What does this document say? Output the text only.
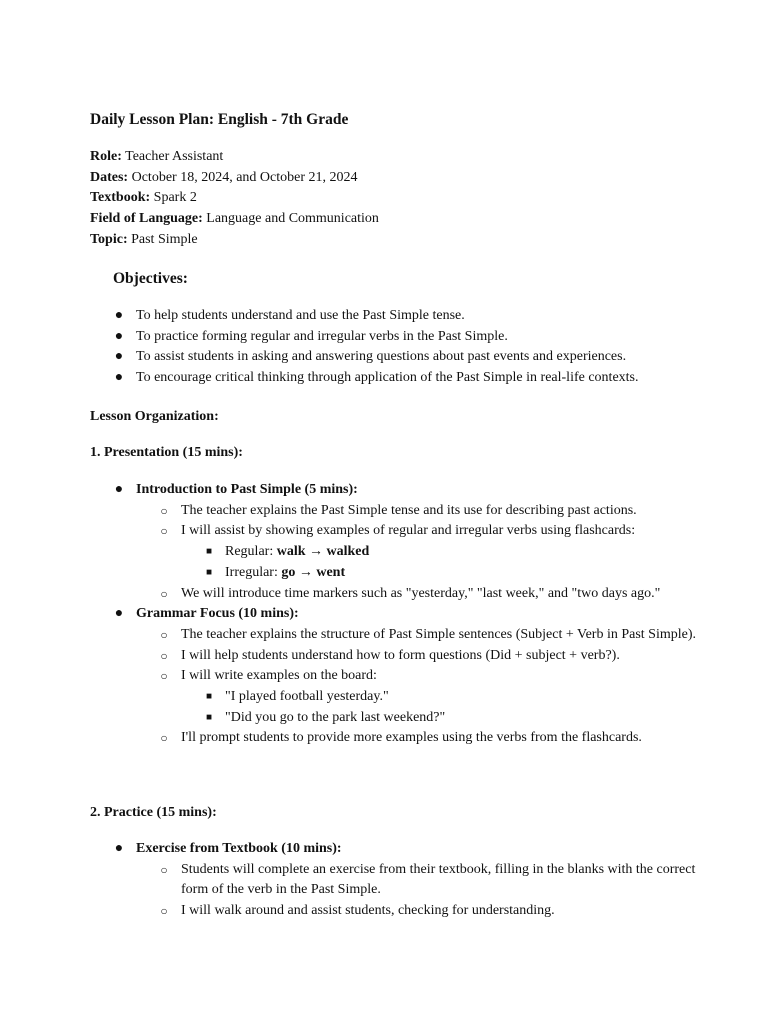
Daily Lesson Plan: English - 7th Grade
Role: Teacher Assistant
Dates: October 18, 2024, and October 21, 2024
Textbook: Spark 2
Field of Language: Language and Communication
Topic: Past Simple
Objectives:
● To help students understand and use the Past Simple tense.
● To practice forming regular and irregular verbs in the Past Simple.
● To assist students in asking and answering questions about past events and experiences.
● To encourage critical thinking through application of the Past Simple in real-life contexts.

Lesson Organization:

1. Presentation (15 mins):

● Introduction to Past Simple (5 mins):
○ The teacher explains the Past Simple tense and its use for describing past actions.
○ I will assist by showing examples of regular and irregular verbs using flashcards:
■ Regular: walk → walked
■ Irregular: go → went
○ We will introduce time markers such as "yesterday," "last week," and "two days ago."
● Grammar Focus (10 mins):
○ The teacher explains the structure of Past Simple sentences (Subject + Verb in Past Simple).
○ I will help students understand how to form questions (Did + subject + verb?).
○ I will write examples on the board:
■ "I played football yesterday."
■ "Did you go to the park last weekend?"
○ I'll prompt students to provide more examples using the verbs from the flashcards.

2. Practice (15 mins):

● Exercise from Textbook (10 mins):
○ Students will complete an exercise from their textbook, filling in the blanks with the correct form of the verb in the Past Simple.
○ I will walk around and assist students, checking for understanding.
